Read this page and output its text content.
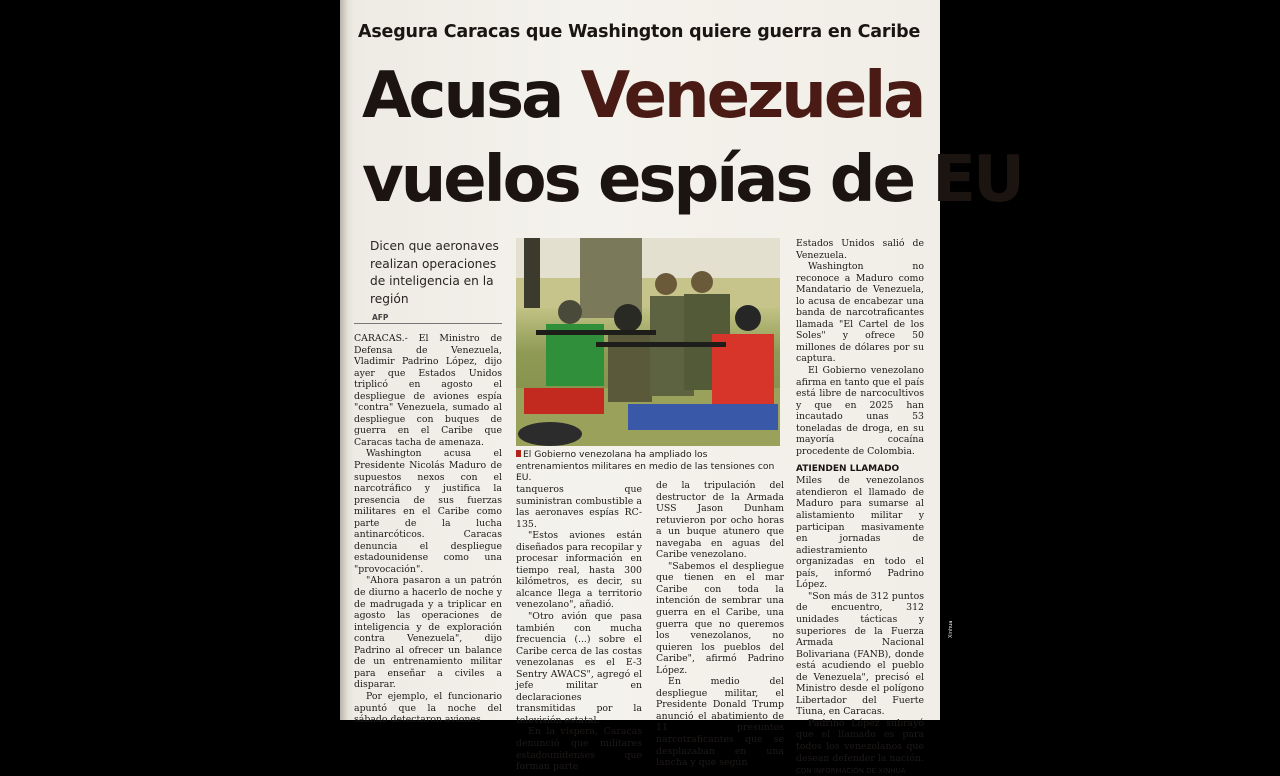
Asegura Caracas que Washington quiere guerra en Caribe
Acusa Venezuela
vuelos espías de EU
Dicen que aeronaves realizan operaciones de inteligencia en la región
AFP

CARACAS.- El Ministro de Defensa de Venezuela, Vladimir Padrino López, dijo ayer que Estados Unidos triplicó en agosto el despliegue de aviones espía "contra" Venezuela, sumado al despliegue con buques de guerra en el Caribe que Caracas tacha de amenaza.

Washington acusa el Presidente Nicolás Maduro de supuestos nexos con el narcotráfico y justifica la presencia de sus fuerzas militares en el Caribe como parte de la lucha antinarcóticos. Caracas denuncia el despliegue estadounidense como una "provocación".

"Ahora pasaron a un patrón de diurno a hacerlo de noche y de madrugada y a triplicar en agosto las operaciones de inteligencia y de exploración contra Venezuela", dijo Padrino al ofrecer un balance de un entrenamiento militar para enseñar a civiles a disparar.

Por ejemplo, el funcionario apuntó que la noche del sábado detectaron aviones

Xinhua
El Gobierno venezolana ha ampliado los entrenamientos militares en medio de las tensiones con EU.

tanqueros que suministran combustible a las aeronaves espías RC-135.

"Estos aviones están diseñados para recopilar y procesar información en tiempo real, hasta 300 kilómetros, es decir, su alcance llega a territorio venezolano", añadió.

"Otro avión que pasa también con mucha frecuencia (...) sobre el Caribe cerca de las costas venezolanas es el E-3 Sentry AWACS", agregó el jefe militar en declaraciones transmitidas por la televisión estatal.

En la víspera, Caracas denunció que militares estadounidenses que forman parte

de la tripulación del destructor de la Armada USS Jason Dunham retuvieron por ocho horas a un buque atunero que navegaba en aguas del Caribe venezolano.

"Sabemos el despliegue que tienen en el mar Caribe con toda la intención de sembrar una guerra en el Caribe, una guerra que no queremos los venezolanos, no quieren los pueblos del Caribe", afirmó Padrino López.

En medio del despliegue militar, el Presidente Donald Trump anunció el abatimiento de 11 presuntos narcotraficantes que se desplazaban en una lancha y que según

Estados Unidos salió de Venezuela.

Washington no reconoce a Maduro como Mandatario de Venezuela, lo acusa de encabezar una banda de narcotraficantes llamada "El Cartel de los Soles" y ofrece 50 millones de dólares por su captura.

El Gobierno venezolano afirma en tanto que el país está libre de narcocultivos y que en 2025 han incautado unas 53 toneladas de droga, en su mayoría cocaína procedente de Colombia.

ATIENDEN LLAMADO

Miles de venezolanos atendieron el llamado de Maduro para sumarse al alistamiento militar y participan masivamente en jornadas de adiestramiento organizadas en todo el país, informó Padrino López.

"Son más de 312 puntos de encuentro, 312 unidades tácticas y superiores de la Fuerza Armada Nacional Bolivariana (FANB), donde está acudiendo el pueblo de Venezuela", precisó el Ministro desde el polígono Libertador del Fuerte Tiuna, en Caracas.

Padrino López subrayó que el llamado es para todos los venezolanos que desean defender la nación.

CON INFORMACIÓN DE XINHUA
